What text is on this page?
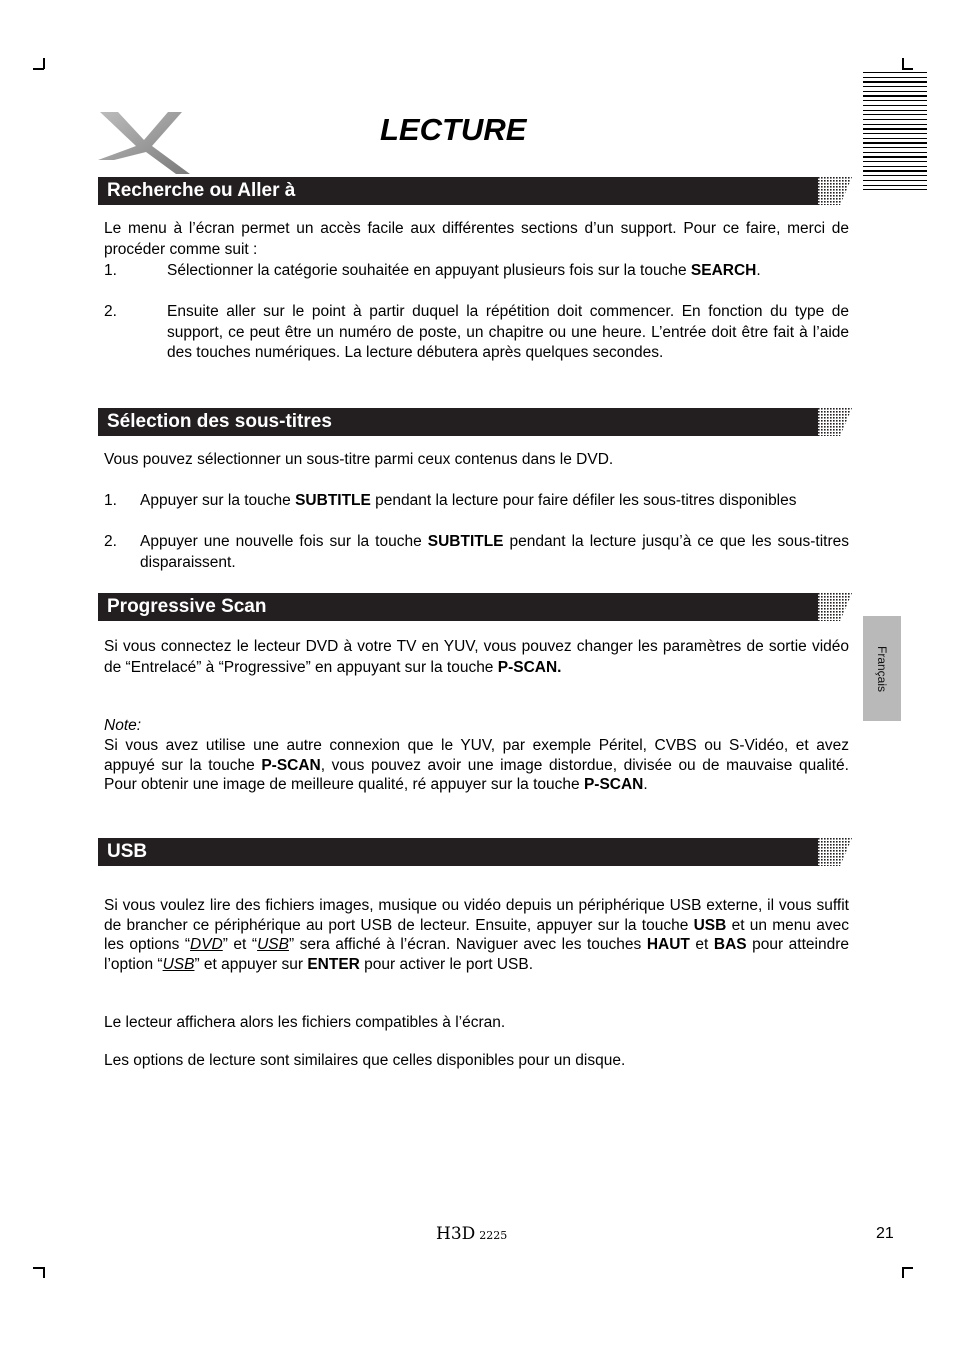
LECTURE
Français
Recherche ou Aller à
Le menu à l’écran permet un accès facile aux différentes sections d’un support. Pour ce faire, merci de procéder comme suit :
1.	Sélectionner la catégorie souhaitée en appuyant plusieurs fois sur la touche SEARCH.
2.	Ensuite aller sur le point à partir duquel la répétition doit commencer. En fonction du type de support, ce peut être un numéro de poste, un chapitre ou une heure. L’entrée doit être fait à l’aide des touches numériques. La lecture débutera après quelques secondes.
Sélection des sous-titres
Vous pouvez sélectionner un sous-titre parmi ceux contenus dans le DVD.
1. Appuyer sur la touche SUBTITLE pendant la lecture pour faire défiler les sous-titres disponibles
2. Appuyer une nouvelle fois sur la touche SUBTITLE pendant la lecture jusqu’à ce que les sous-titres disparaissent.
Progressive Scan
Si vous connectez le lecteur DVD à votre TV en YUV, vous pouvez changer les paramètres de sortie vidéo de “Entrelacé” à “Progressive” en appuyant sur la touche P-SCAN.
Note:
Si vous avez utilise une autre connexion que le YUV, par exemple Péritel, CVBS ou S-Vidéo, et avez appuyé sur la touche P-SCAN, vous pouvez avoir une image distordue, divisée ou de mauvaise qualité. Pour obtenir une image de meilleure qualité, ré appuyer sur la touche P-SCAN.
USB
Si vous voulez lire des fichiers images, musique ou vidéo depuis un périphérique USB externe, il vous suffit de brancher ce périphérique au port USB de lecteur. Ensuite, appuyer sur la touche USB et un menu avec les options “DVD” et “USB” sera affiché à l’écran. Naviguer avec les touches HAUT et BAS pour atteindre l’option “USB” et appuyer sur ENTER pour activer le port USB.
Le lecteur affichera alors les fichiers compatibles à l’écran.
Les options de lecture sont similaires que celles disponibles pour un disque.
H3D 2225	21
